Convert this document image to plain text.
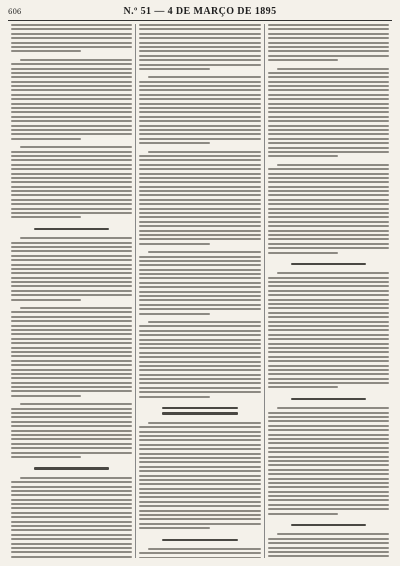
606	N.º 51 — 4 DE MARÇO DE 1895
